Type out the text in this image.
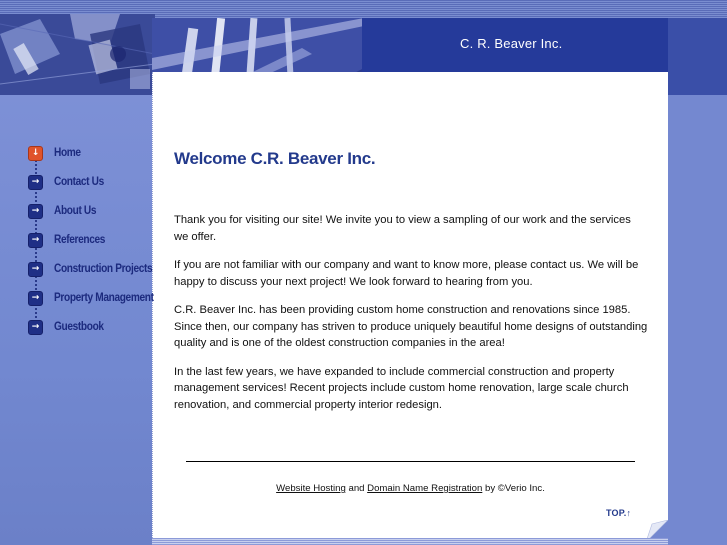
C. R. Beaver Inc.
Welcome C.R. Beaver Inc.

Thank you for visiting our site! We invite you to view a sampling of our work and the services we offer.

If you are not familiar with our company and want to know more, please contact us. We will be happy to discuss your next project! We look forward to hearing from you.

C.R. Beaver Inc. has been providing custom home construction and renovations since 1985. Since then, our company has striven to produce uniquely beautiful home designs of outstanding quality and is one of the oldest construction companies in the area!

In the last few years, we have expanded to include commercial construction and property management services! Recent projects include custom home renovation, large scale church renovation, and commercial property interior redesign.

Website Hosting and Domain Name Registration by ©Verio Inc.
TOP.↑
↓	Home
→	Contact Us
→	About Us
→	References
→	Construction Projects
→	Property Management
→	Guestbook
